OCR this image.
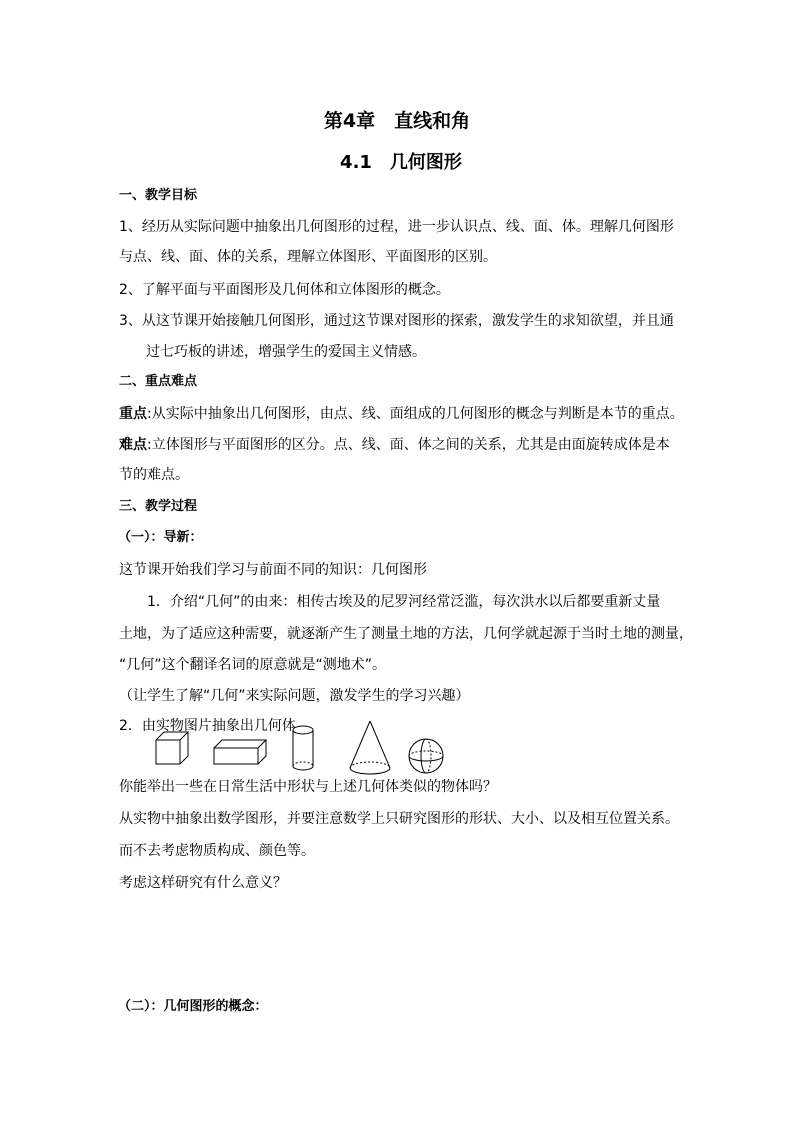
第4章　直线和角
4.1　几何图形
一、教学目标
1、经历从实际问题中抽象出几何图形的过程，进一步认识点、线、面、体。理解几何图形
与点、线、面、体的关系，理解立体图形、平面图形的区别。
2、了解平面与平面图形及几何体和立体图形的概念。
3、从这节课开始接触几何图形，通过这节课对图形的探索，激发学生的求知欲望，并且通
过七巧板的讲述，增强学生的爱国主义情感。
二、重点难点
重点:从实际中抽象出几何图形，由点、线、面组成的几何图形的概念与判断是本节的重点。
难点:立体图形与平面图形的区分。点、线、面、体之间的关系，尤其是由面旋转成体是本
节的难点。
三、教学过程
（一）：导新：
这节课开始我们学习与前面不同的知识：几何图形
1．介绍“几何”的由来：相传古埃及的尼罗河经常泛滥，每次洪水以后都要重新丈量
土地，为了适应这种需要，就逐渐产生了测量土地的方法，几何学就起源于当时土地的测量，
“几何”这个翻译名词的原意就是“测地术”。
（让学生了解“几何”来实际问题，激发学生的学习兴趣）
2．由实物图片抽象出几何体
你能举出一些在日常生活中形状与上述几何体类似的物体吗？
从实物中抽象出数学图形，并要注意数学上只研究图形的形状、大小、以及相互位置关系。
而不去考虑物质构成、颜色等。
考虑这样研究有什么意义？
（二）：几何图形的概念：
